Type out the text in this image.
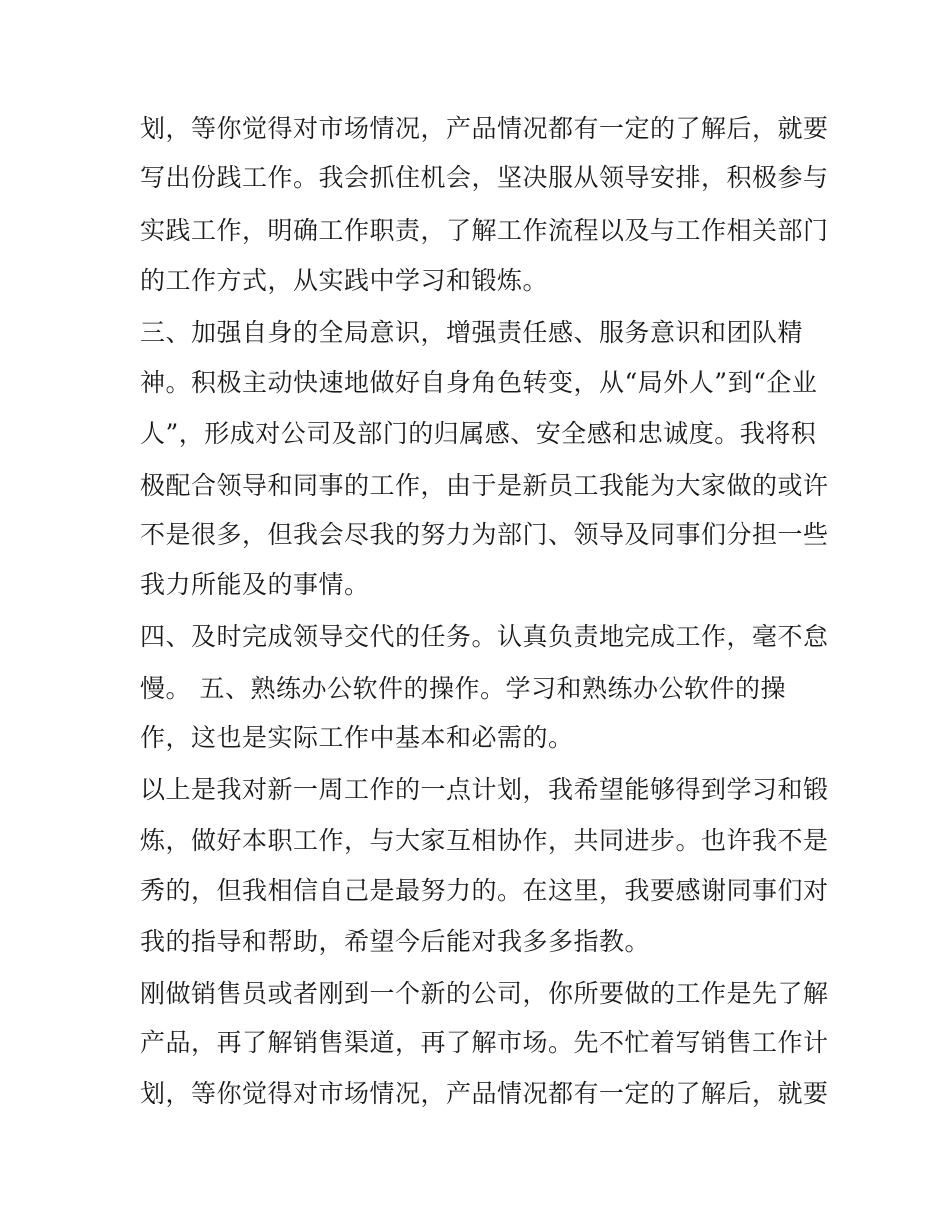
划，等你觉得对市场情况，产品情况都有一定的了解后，就要
写出份践工作。我会抓住机会，坚决服从领导安排，积极参与
实践工作，明确工作职责，了解工作流程以及与工作相关部门
的工作方式，从实践中学习和锻炼。
三、加强自身的全局意识，增强责任感、服务意识和团队精
神。积极主动快速地做好自身角色转变，从“局外人”到“企业
人”，形成对公司及部门的归属感、安全感和忠诚度。我将积
极配合领导和同事的工作，由于是新员工我能为大家做的或许
不是很多，但我会尽我的努力为部门、领导及同事们分担一些
我力所能及的事情。
四、及时完成领导交代的任务。认真负责地完成工作，毫不怠
慢。 五、熟练办公软件的操作。学习和熟练办公软件的操
作，这也是实际工作中基本和必需的。
以上是我对新一周工作的一点计划，我希望能够得到学习和锻
炼，做好本职工作，与大家互相协作，共同进步。也许我不是
秀的，但我相信自己是最努力的。在这里，我要感谢同事们对
我的指导和帮助，希望今后能对我多多指教。
刚做销售员或者刚到一个新的公司，你所要做的工作是先了解
产品，再了解销售渠道，再了解市场。先不忙着写销售工作计
划，等你觉得对市场情况，产品情况都有一定的了解后，就要
